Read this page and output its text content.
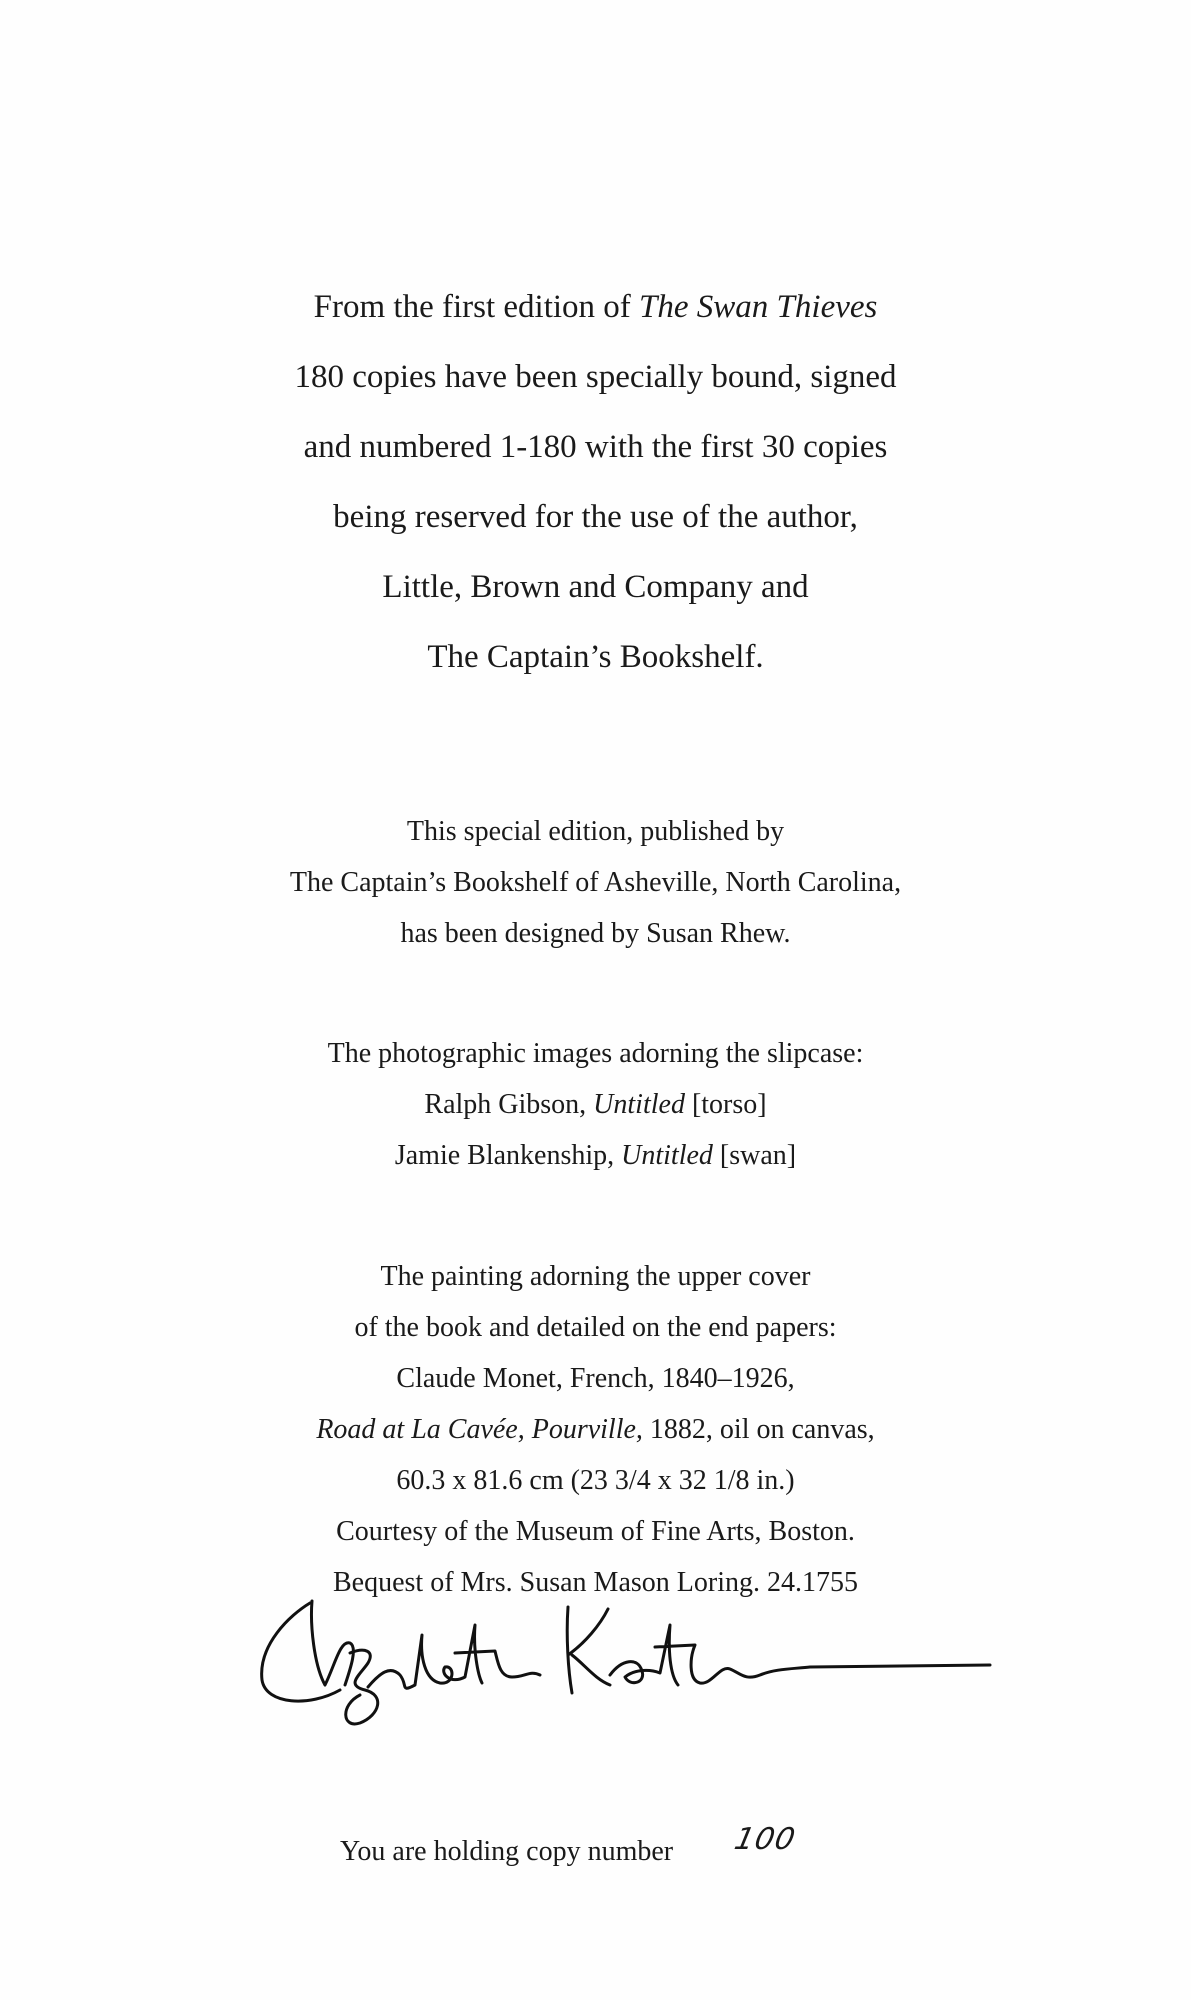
From the first edition of The Swan Thieves
180 copies have been specially bound, signed
and numbered 1-180 with the first 30 copies
being reserved for the use of the author,
Little, Brown and Company and
The Captain’s Bookshelf.
This special edition, published by
The Captain’s Bookshelf of Asheville, North Carolina,
has been designed by Susan Rhew.
The photographic images adorning the slipcase:
Ralph Gibson, Untitled [torso]
Jamie Blankenship, Untitled [swan]
The painting adorning the upper cover
of the book and detailed on the end papers:
Claude Monet, French, 1840–1926,
Road at La Cavée, Pourville, 1882, oil on canvas,
60.3 x 81.6 cm (23 3/4 x 32 1/8 in.)
Courtesy of the Museum of Fine Arts, Boston.
Bequest of Mrs. Susan Mason Loring. 24.1755
You are holding copy number 100
